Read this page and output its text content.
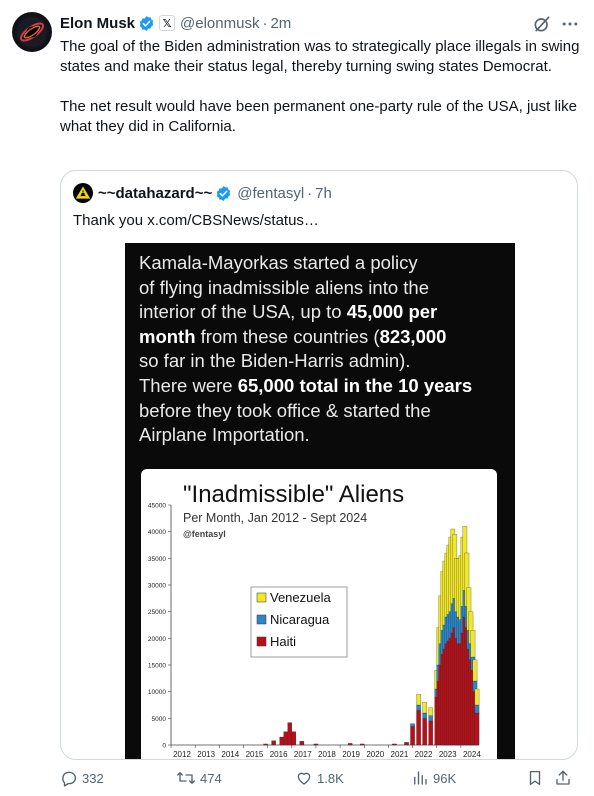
Elon Musk	𝕏 @elonmusk · 2m

The goal of the Biden administration was to strategically place illegals in swing states and make their status legal, thereby turning swing states Democrat.

The net result would have been permanent one-party rule of the USA, just like what they did in California.

~~datahazard~~ @fentasyl · 7h
Thank you x.com/CBSNews/status…
Kamala-Mayorkas started a policy
of flying inadmissible aliens into the
interior of the USA, up to 45,000 per
month from these countries (823,000
so far in the Biden-Harris admin).
There were 65,000 total in the 10 years
before they took office & started the
Airplane Importation.
"Inadmissible" Aliens
Per Month, Jan 2012 - Sept 2024
@fentasyl
0
5000
10000
15000
20000
25000
30000
35000
40000
45000
2012 2013 2014 2015 2016 2017 2018 2019 2020 2021 2022 2023 2024
Venezuela
Nicaragua
Haiti
332	474	1.8K	96K
